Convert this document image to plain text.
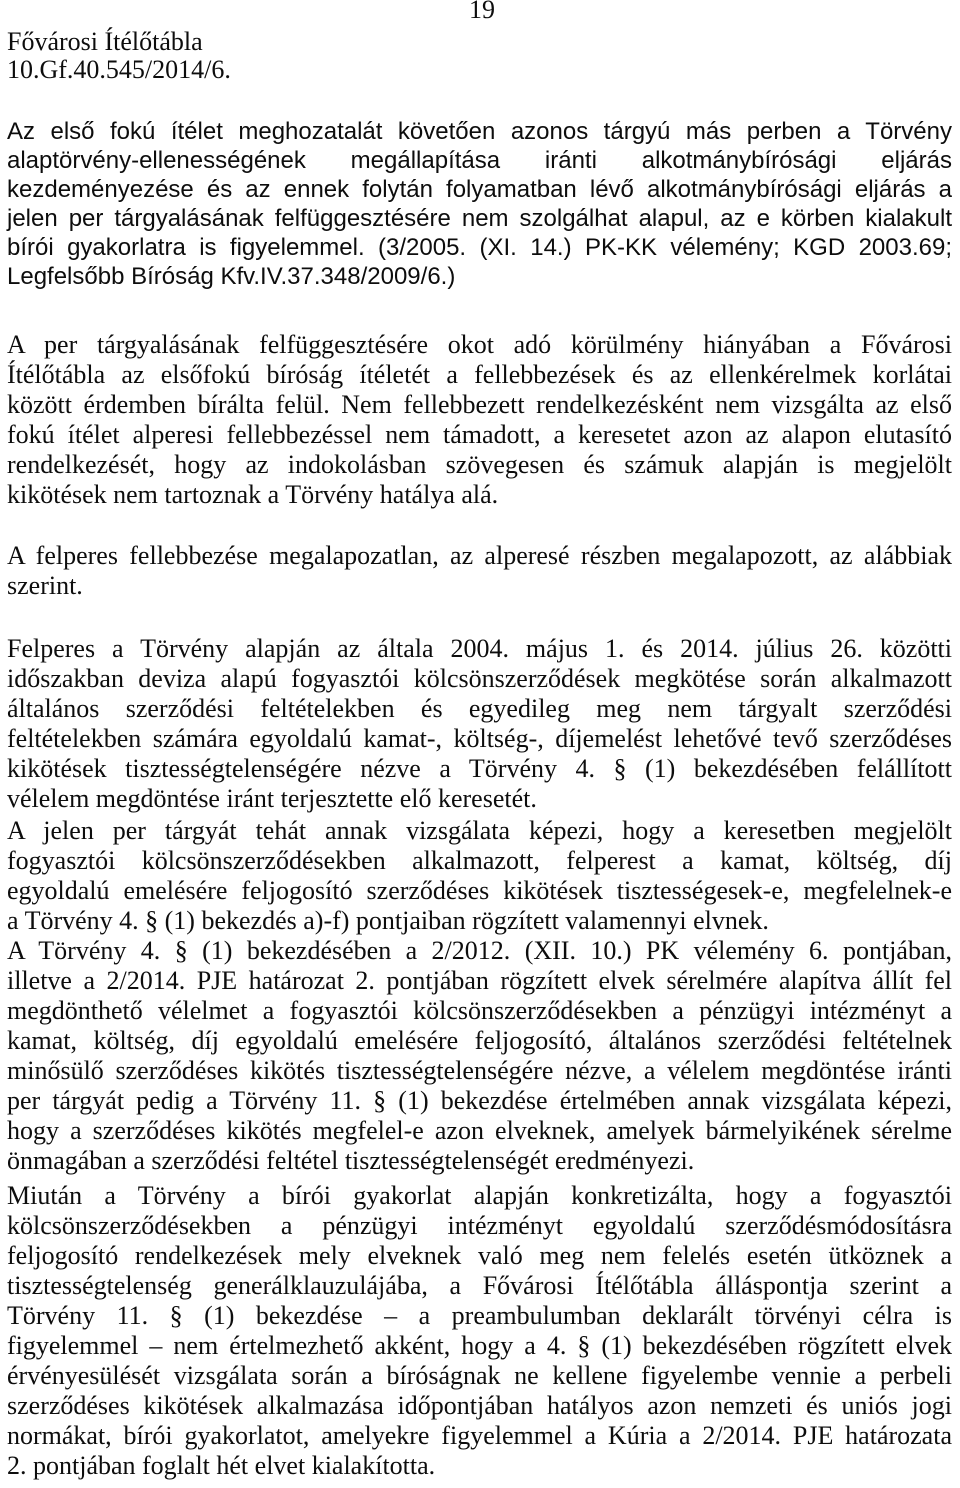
19
Fővárosi Ítélőtábla
10.Gf.40.545/2014/6.
Az első fokú ítélet meghozatalát követően azonos tárgyú más perben a Törvény
alaptörvény-ellenességének megállapítása iránti alkotmánybírósági eljárás
kezdeményezése és az ennek folytán folyamatban lévő alkotmánybírósági eljárás a
jelen per tárgyalásának felfüggesztésére nem szolgálhat alapul, az e körben kialakult
bírói gyakorlatra is figyelemmel. (3/2005. (XI. 14.) PK-KK vélemény; KGD 2003.69;
Legfelsőbb Bíróság Kfv.IV.37.348/2009/6.)
A per tárgyalásának felfüggesztésére okot adó körülmény hiányában a Fővárosi
Ítélőtábla az elsőfokú bíróság ítéletét a fellebbezések és az ellenkérelmek korlátai
között érdemben bírálta felül. Nem fellebbezett rendelkezésként nem vizsgálta az első
fokú ítélet alperesi fellebbezéssel nem támadott, a keresetet azon az alapon elutasító
rendelkezését, hogy az indokolásban szövegesen és számuk alapján is megjelölt
kikötések nem tartoznak a Törvény hatálya alá.
A felperes fellebbezése megalapozatlan, az alperesé részben megalapozott, az alábbiak
szerint.
Felperes a Törvény alapján az általa 2004. május 1. és 2014. július 26. közötti
időszakban deviza alapú fogyasztói kölcsönszerződések megkötése során alkalmazott
általános szerződési feltételekben és egyedileg meg nem tárgyalt szerződési
feltételekben számára egyoldalú kamat-, költség-, díjemelést lehetővé tevő szerződéses
kikötések tisztességtelenségére nézve a Törvény 4. § (1) bekezdésében felállított
vélelem megdöntése iránt terjesztette elő keresetét.
A jelen per tárgyát tehát annak vizsgálata képezi, hogy a keresetben megjelölt
fogyasztói kölcsönszerződésekben alkalmazott, felperest a kamat, költség, díj
egyoldalú emelésére feljogosító szerződéses kikötések tisztességesek-e, megfelelnek-e
a Törvény 4. § (1) bekezdés a)-f) pontjaiban rögzített valamennyi elvnek.
A Törvény 4. § (1) bekezdésében a 2/2012. (XII. 10.) PK vélemény 6. pontjában,
illetve a 2/2014. PJE határozat 2. pontjában rögzített elvek sérelmére alapítva állít fel
megdönthető vélelmet a fogyasztói kölcsönszerződésekben a pénzügyi intézményt a
kamat, költség, díj egyoldalú emelésére feljogosító, általános szerződési feltételnek
minősülő szerződéses kikötés tisztességtelenségére nézve, a vélelem megdöntése iránti
per tárgyát pedig a Törvény 11. § (1) bekezdése értelmében annak vizsgálata képezi,
hogy a szerződéses kikötés megfelel-e azon elveknek, amelyek bármelyikének sérelme
önmagában a szerződési feltétel tisztességtelenségét eredményezi.
Miután a Törvény a bírói gyakorlat alapján konkretizálta, hogy a fogyasztói
kölcsönszerződésekben a pénzügyi intézményt egyoldalú szerződésmódosításra
feljogosító rendelkezések mely elveknek való meg nem felelés esetén ütköznek a
tisztességtelenség generálklauzulájába, a Fővárosi Ítélőtábla álláspontja szerint a
Törvény 11. § (1) bekezdése – a preambulumban deklarált törvényi célra is
figyelemmel – nem értelmezhető akként, hogy a 4. § (1) bekezdésében rögzített elvek
érvényesülését vizsgálata során a bíróságnak ne kellene figyelembe vennie a perbeli
szerződéses kikötések alkalmazása időpontjában hatályos azon nemzeti és uniós jogi
normákat, bírói gyakorlatot, amelyekre figyelemmel a Kúria a 2/2014. PJE határozata
2. pontjában foglalt hét elvet kialakította.
